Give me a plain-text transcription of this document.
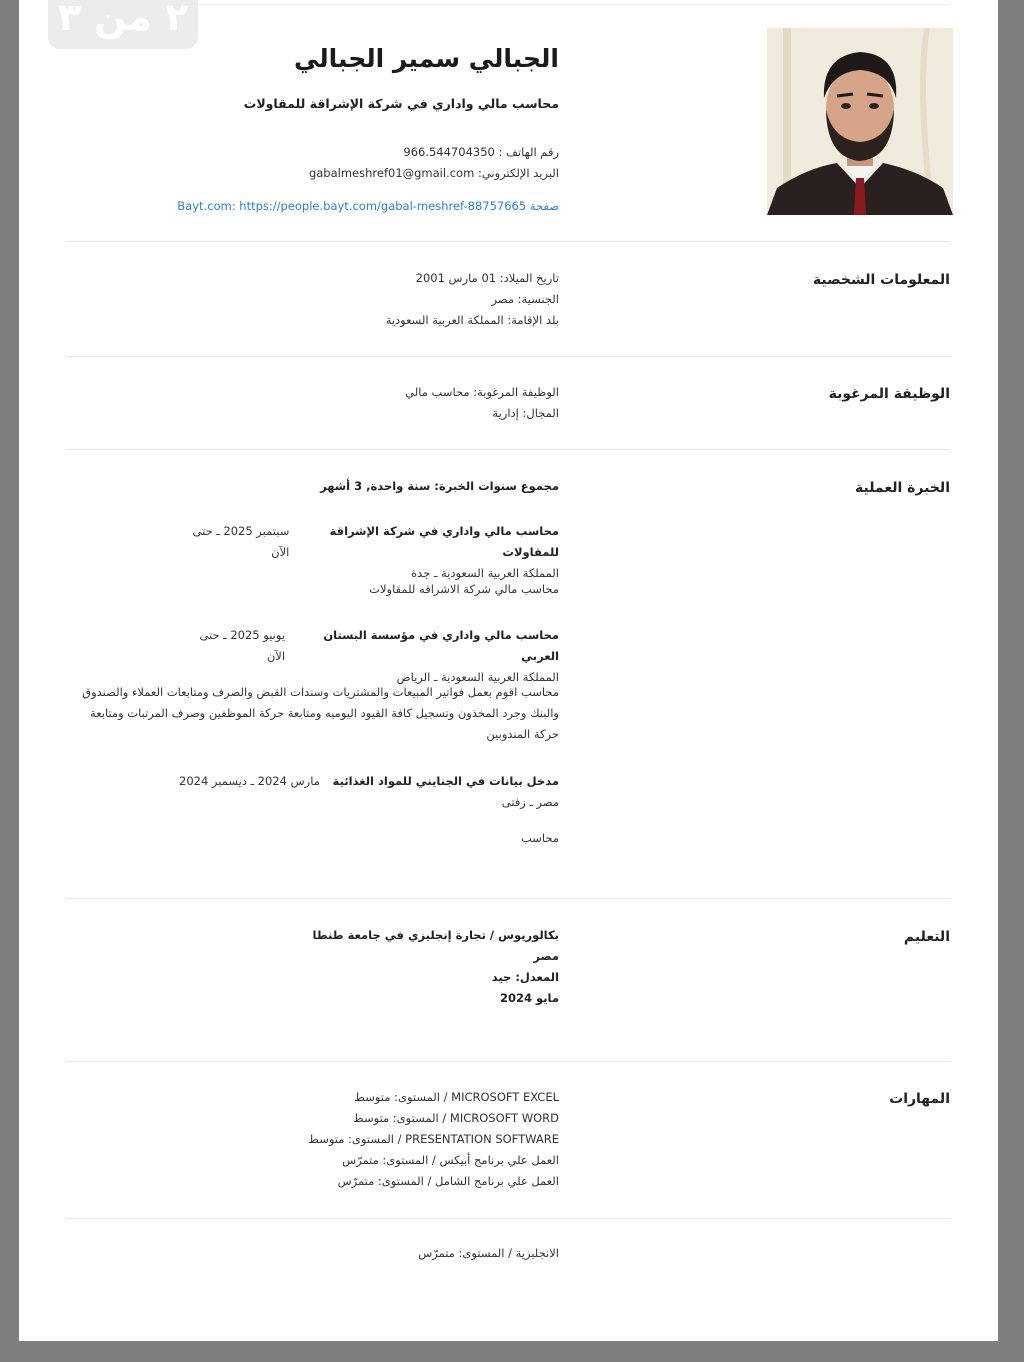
٢ من ٣
الجبالي سمير الجبالي
محاسب مالي واداري في شركة الإشراقة للمقاولات
رقم الهاتف : 966.544704350
البريد الإلكتروني: gabalmeshref01@gmail.com
صفحة Bayt.com: https://people.bayt.com/gabal-meshref-88757665
المعلومات الشخصية
تاريخ الميلاد: 01 مارس 2001
الجنسية: مصر
بلد الإقامة: المملكة العربية السعودية
الوظيفة المرغوبة
الوظيفة المرغوبة: محاسب مالي
المجال: إدارية
الخبرة العملية
مجموع سنوات الخبرة: سنة واحدة, 3 أشهر
محاسب مالي واداري في شركة الإشراقة للمقاولات
سبتمبر 2025 ـ حتى الآن
المملكة العربية السعودية ـ جدة
محاسب مالي شركة الاشراقه للمقاولات
محاسب مالي واداري في مؤسسة البستان العربي
يونيو 2025 ـ حتى الآن
المملكة العربية السعودية ـ الرياض
محاسب اقوم بعمل فواتير المبيعات والمشتريات وسندات القبض والصرف ومتابعات العملاء والصندوق والبنك وجرد المخذون وتسجيل كافة القيود اليوميه ومتابعة حركة الموظفين وصرف المرتبات ومتابعة حركة المندوبين
مدخل بيانات في الجنايني للمواد الغذائية
مارس 2024 ـ ديسمبر 2024
مصر ـ زفتى
محاسب
التعليم
بكالوريوس / تجارة إنجليزي في جامعة طنطا
مصر
المعدل: جيد
مايو 2024
المهارات
MICROSOFT EXCEL / المستوى: متوسط
MICROSOFT WORD / المستوى: متوسط
PRESENTATION SOFTWARE / المستوى: متوسط
العمل علي برنامج أبيكس / المستوى: متمرّس
العمل علي برنامج الشامل / المستوى: متمرّس
الانجليزية / المستوى: متمرّس
